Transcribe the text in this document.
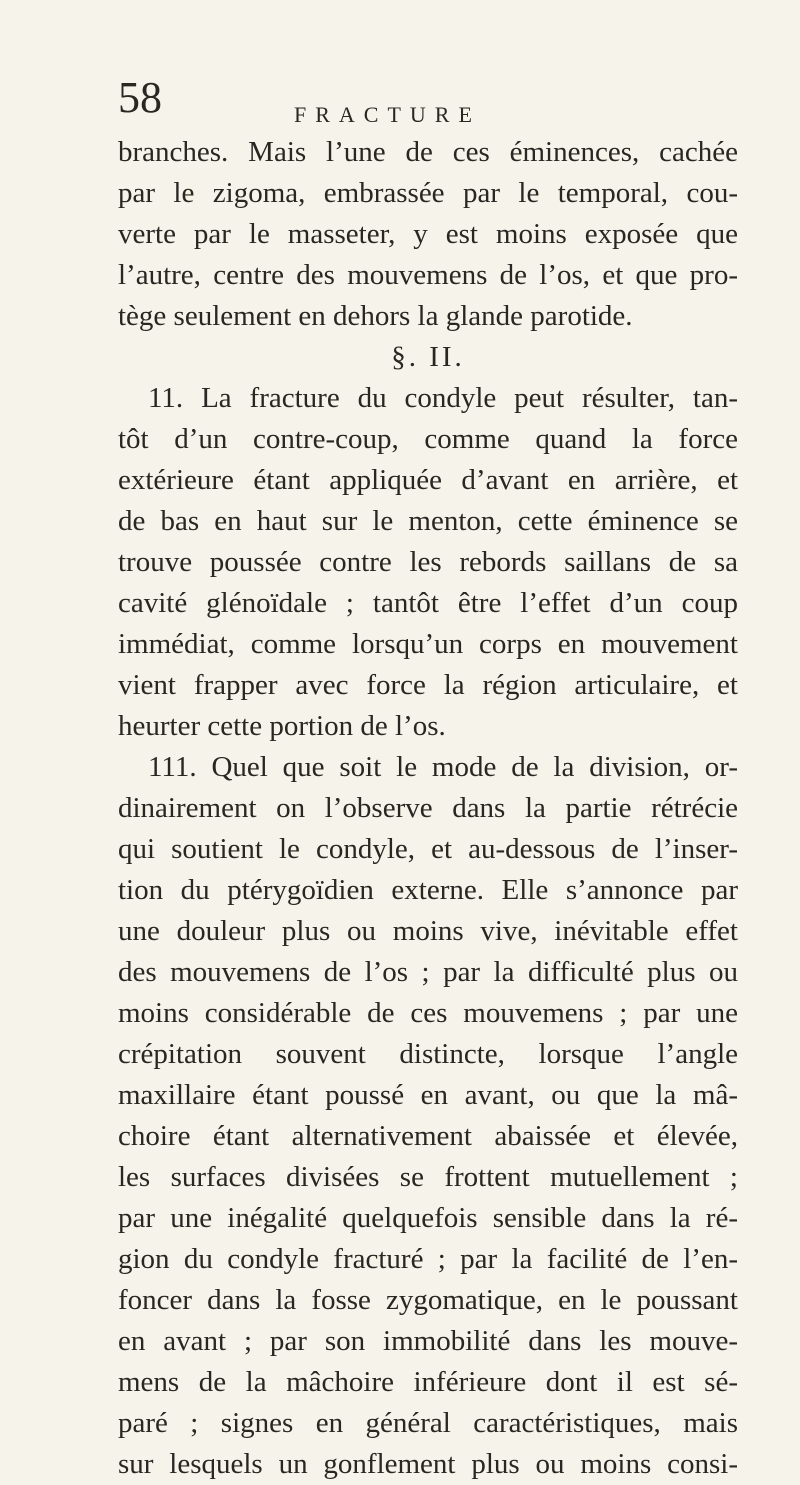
58	FRACTURE
branches. Mais l’une de ces éminences, cachée
par le zigoma, embrassée par le temporal, cou-
verte par le masseter, y est moins exposée que
l’autre, centre des mouvemens de l’os, et que pro-
tège seulement en dehors la glande parotide.
§. II.
11. La fracture du condyle peut résulter, tan-
tôt d’un contre-coup, comme quand la force
extérieure étant appliquée d’avant en arrière, et
de bas en haut sur le menton, cette éminence se
trouve poussée contre les rebords saillans de sa
cavité glénoïdale ; tantôt être l’effet d’un coup
immédiat, comme lorsqu’un corps en mouvement
vient frapper avec force la région articulaire, et
heurter cette portion de l’os.
111. Quel que soit le mode de la division, or-
dinairement on l’observe dans la partie rétrécie
qui soutient le condyle, et au-dessous de l’inser-
tion du ptérygoïdien externe. Elle s’annonce par
une douleur plus ou moins vive, inévitable effet
des mouvemens de l’os ; par la difficulté plus ou
moins considérable de ces mouvemens ; par une
crépitation souvent distincte, lorsque l’angle
maxillaire étant poussé en avant, ou que la mâ-
choire étant alternativement abaissée et élevée,
les surfaces divisées se frottent mutuellement ;
par une inégalité quelquefois sensible dans la ré-
gion du condyle fracturé ; par la facilité de l’en-
foncer dans la fosse zygomatique, en le poussant
en avant ; par son immobilité dans les mouve-
mens de la mâchoire inférieure dont il est sé-
paré ; signes en général caractéristiques, mais
sur lesquels un gonflement plus ou moins consi-
